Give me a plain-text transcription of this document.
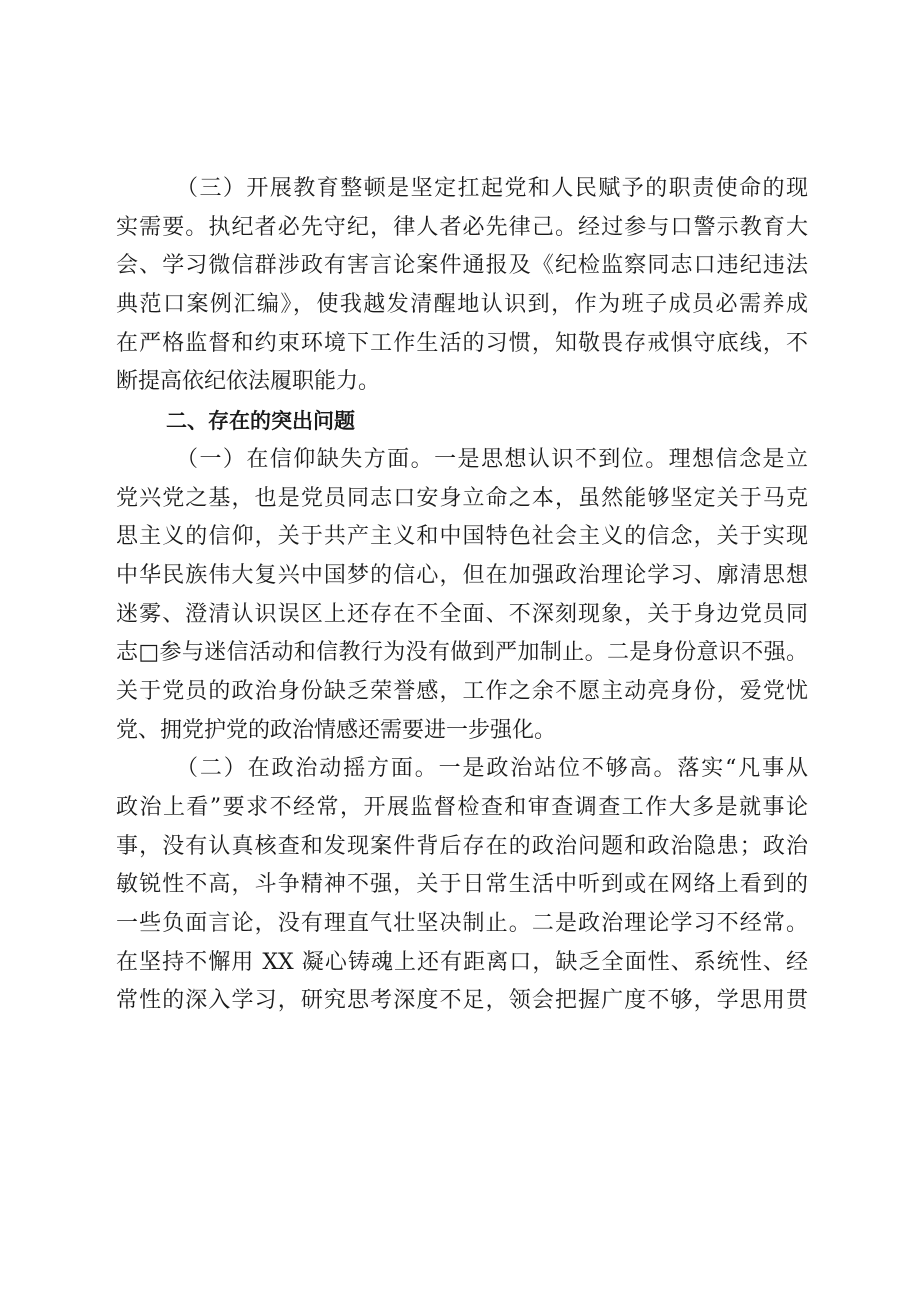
（三）开展教育整顿是坚定扛起党和人民赋予的职责使命的现
实需要。执纪者必先守纪，律人者必先律己。经过参与口警示教育大
会、学习微信群涉政有害言论案件通报及《纪检监察同志口违纪违法
典范口案例汇编》，使我越发清醒地认识到，作为班子成员必需养成
在严格监督和约束环境下工作生活的习惯，知敬畏存戒惧守底线，不
断提高依纪依法履职能力。
二、存在的突出问题
（一）在信仰缺失方面。一是思想认识不到位。理想信念是立
党兴党之基，也是党员同志口安身立命之本，虽然能够坚定关于马克
思主义的信仰，关于共产主义和中国特色社会主义的信念，关于实现
中华民族伟大复兴中国梦的信心，但在加强政治理论学习、廓清思想
迷雾、澄清认识误区上还存在不全面、不深刻现象，关于身边党员同
志□参与迷信活动和信教行为没有做到严加制止。二是身份意识不强。
关于党员的政治身份缺乏荣誉感，工作之余不愿主动亮身份，爱党忧
党、拥党护党的政治情感还需要进一步强化。
（二）在政治动摇方面。一是政治站位不够高。落实“凡事从
政治上看”要求不经常，开展监督检查和审查调查工作大多是就事论
事，没有认真核查和发现案件背后存在的政治问题和政治隐患；政治
敏锐性不高，斗争精神不强，关于日常生活中听到或在网络上看到的
一些负面言论，没有理直气壮坚决制止。二是政治理论学习不经常。
在坚持不懈用 XX 凝心铸魂上还有距离口，缺乏全面性、系统性、经
常性的深入学习，研究思考深度不足，领会把握广度不够，学思用贯
